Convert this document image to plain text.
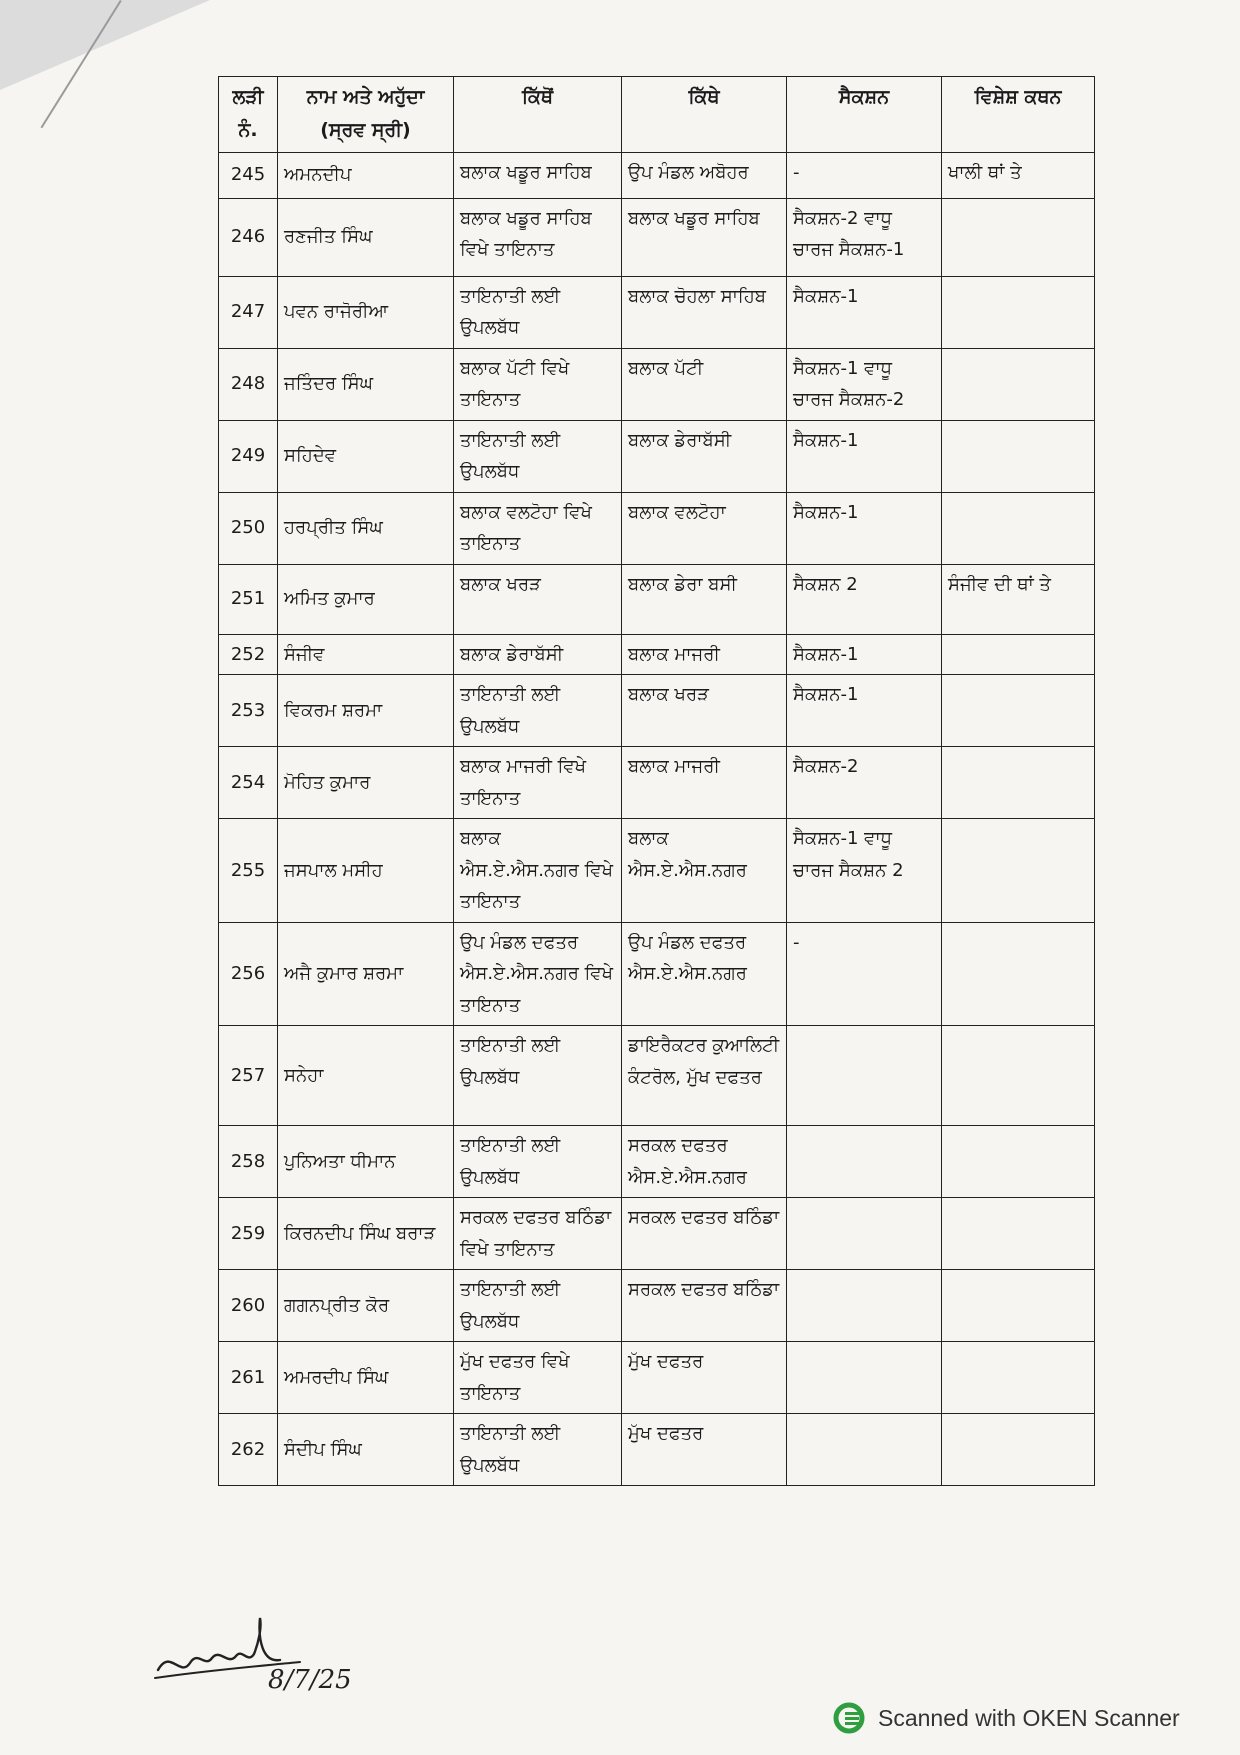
ਲੜੀ ਨੰ.	ਨਾਮ ਅਤੇ ਅਹੁੱਦਾ (ਸ੍ਰਵ ਸ੍ਰੀ)	ਕਿੱਥੋਂ	ਕਿੱਥੇ	ਸੈਕਸ਼ਨ	ਵਿਸ਼ੇਸ਼ ਕਥਨ
245	ਅਮਨਦੀਪ	ਬਲਾਕ ਖਡੂਰ ਸਾਹਿਬ	ਉਪ ਮੰਡਲ ਅਬੋਹਰ	-	ਖਾਲੀ ਥਾਂ ਤੇ
246	ਰਣਜੀਤ ਸਿੰਘ	ਬਲਾਕ ਖਡੂਰ ਸਾਹਿਬ ਵਿਖੇ ਤਾਇਨਾਤ	ਬਲਾਕ ਖਡੂਰ ਸਾਹਿਬ	ਸੈਕਸ਼ਨ-2 ਵਾਧੂ ਚਾਰਜ ਸੈਕਸ਼ਨ-1	
247	ਪਵਨ ਰਾਜੋਰੀਆ	ਤਾਇਨਾਤੀ ਲਈ ਉਪਲਬੱਧ	ਬਲਾਕ ਚੋਹਲਾ ਸਾਹਿਬ	ਸੈਕਸ਼ਨ-1	
248	ਜਤਿੰਦਰ ਸਿੰਘ	ਬਲਾਕ ਪੱਟੀ ਵਿਖੇ ਤਾਇਨਾਤ	ਬਲਾਕ ਪੱਟੀ	ਸੈਕਸ਼ਨ-1 ਵਾਧੂ ਚਾਰਜ ਸੈਕਸ਼ਨ-2	
249	ਸਹਿਦੇਵ	ਤਾਇਨਾਤੀ ਲਈ ਉਪਲਬੱਧ	ਬਲਾਕ ਡੇਰਾਬੱਸੀ	ਸੈਕਸ਼ਨ-1	
250	ਹਰਪ੍ਰੀਤ ਸਿੰਘ	ਬਲਾਕ ਵਲਟੋਹਾ ਵਿਖੇ ਤਾਇਨਾਤ	ਬਲਾਕ ਵਲਟੋਹਾ	ਸੈਕਸ਼ਨ-1	
251	ਅਮਿਤ ਕੁਮਾਰ	ਬਲਾਕ ਖਰੜ	ਬਲਾਕ ਡੇਰਾ ਬਸੀ	ਸੈਕਸ਼ਨ 2	ਸੰਜੀਵ ਦੀ ਥਾਂ ਤੇ
252	ਸੰਜੀਵ	ਬਲਾਕ ਡੇਰਾਬੱਸੀ	ਬਲਾਕ ਮਾਜਰੀ	ਸੈਕਸ਼ਨ-1	
253	ਵਿਕਰਮ ਸ਼ਰਮਾ	ਤਾਇਨਾਤੀ ਲਈ ਉਪਲਬੱਧ	ਬਲਾਕ ਖਰੜ	ਸੈਕਸ਼ਨ-1	
254	ਮੋਹਿਤ ਕੁਮਾਰ	ਬਲਾਕ ਮਾਜਰੀ ਵਿਖੇ ਤਾਇਨਾਤ	ਬਲਾਕ ਮਾਜਰੀ	ਸੈਕਸ਼ਨ-2	
255	ਜਸਪਾਲ ਮਸੀਹ	ਬਲਾਕ ਐਸ.ਏ.ਐਸ.ਨਗਰ ਵਿਖੇ ਤਾਇਨਾਤ	ਬਲਾਕ ਐਸ.ਏ.ਐਸ.ਨਗਰ	ਸੈਕਸ਼ਨ-1 ਵਾਧੂ ਚਾਰਜ ਸੈਕਸ਼ਨ 2	
256	ਅਜੈ ਕੁਮਾਰ ਸ਼ਰਮਾ	ਉਪ ਮੰਡਲ ਦਫਤਰ ਐਸ.ਏ.ਐਸ.ਨਗਰ ਵਿਖੇ ਤਾਇਨਾਤ	ਉਪ ਮੰਡਲ ਦਫਤਰ ਐਸ.ਏ.ਐਸ.ਨਗਰ	-	
257	ਸਨੇਹਾ	ਤਾਇਨਾਤੀ ਲਈ ਉਪਲਬੱਧ	ਡਾਇਰੈਕਟਰ ਕੁਆਲਿਟੀ ਕੰਟਰੋਲ, ਮੁੱਖ ਦਫਤਰ		
258	ਪੁਨਿਅਤਾ ਧੀਮਾਨ	ਤਾਇਨਾਤੀ ਲਈ ਉਪਲਬੱਧ	ਸਰਕਲ ਦਫਤਰ ਐਸ.ਏ.ਐਸ.ਨਗਰ		
259	ਕਿਰਨਦੀਪ ਸਿੰਘ ਬਰਾੜ	ਸਰਕਲ ਦਫਤਰ ਬਠਿੰਡਾ ਵਿਖੇ ਤਾਇਨਾਤ	ਸਰਕਲ ਦਫਤਰ ਬਠਿੰਡਾ		
260	ਗਗਨਪ੍ਰੀਤ ਕੋਰ	ਤਾਇਨਾਤੀ ਲਈ ਉਪਲਬੱਧ	ਸਰਕਲ ਦਫਤਰ ਬਠਿੰਡਾ		
261	ਅਮਰਦੀਪ ਸਿੰਘ	ਮੁੱਖ ਦਫਤਰ ਵਿਖੇ ਤਾਇਨਾਤ	ਮੁੱਖ ਦਫਤਰ		
262	ਸੰਦੀਪ ਸਿੰਘ	ਤਾਇਨਾਤੀ ਲਈ ਉਪਲਬੱਧ	ਮੁੱਖ ਦਫਤਰ		
8/7/25
Scanned with OKEN Scanner
